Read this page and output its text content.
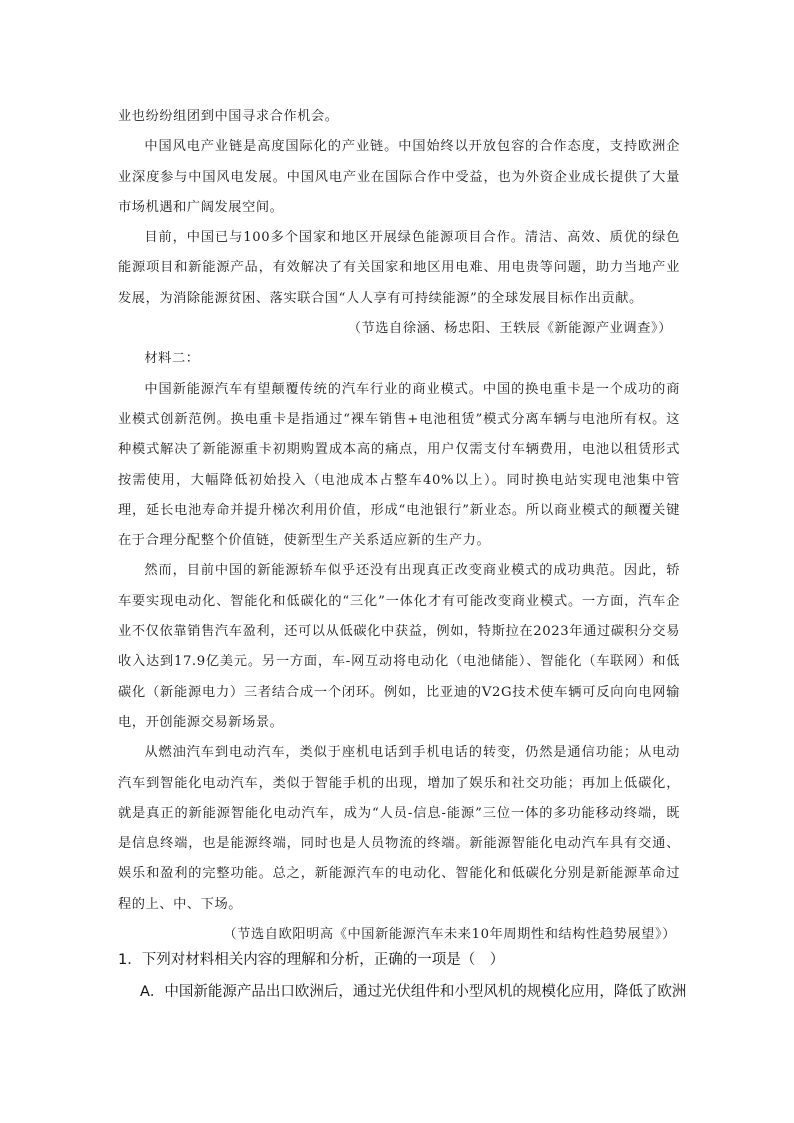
业也纷纷组团到中国寻求合作机会。

中国风电产业链是高度国际化的产业链。中国始终以开放包容的合作态度，支持欧洲企业深度参与中国风电发展。中国风电产业在国际合作中受益，也为外资企业成长提供了大量市场机遇和广阔发展空间。

目前，中国已与100多个国家和地区开展绿色能源项目合作。清洁、高效、质优的绿色能源项目和新能源产品，有效解决了有关国家和地区用电难、用电贵等问题，助力当地产业发展，为消除能源贫困、落实联合国“人人享有可持续能源”的全球发展目标作出贡献。

（节选自徐涵、杨忠阳、王轶辰《新能源产业调查》）

材料二：

中国新能源汽车有望颠覆传统的汽车行业的商业模式。中国的换电重卡是一个成功的商业模式创新范例。换电重卡是指通过“裸车销售+电池租赁”模式分离车辆与电池所有权。这种模式解决了新能源重卡初期购置成本高的痛点，用户仅需支付车辆费用，电池以租赁形式按需使用，大幅降低初始投入（电池成本占整车40%以上）。同时换电站实现电池集中管理，延长电池寿命并提升梯次利用价值，形成“电池银行”新业态。所以商业模式的颠覆关键在于合理分配整个价值链，使新型生产关系适应新的生产力。

然而，目前中国的新能源轿车似乎还没有出现真正改变商业模式的成功典范。因此，轿车要实现电动化、智能化和低碳化的“三化”一体化才有可能改变商业模式。一方面，汽车企业不仅依靠销售汽车盈利，还可以从低碳化中获益，例如，特斯拉在2023年通过碳积分交易收入达到17.9亿美元。另一方面，车-网互动将电动化（电池储能）、智能化（车联网）和低碳化（新能源电力）三者结合成一个闭环。例如，比亚迪的V2G技术使车辆可反向向电网输电，开创能源交易新场景。

从燃油汽车到电动汽车，类似于座机电话到手机电话的转变，仍然是通信功能；从电动汽车到智能化电动汽车，类似于智能手机的出现，增加了娱乐和社交功能；再加上低碳化，就是真正的新能源智能化电动汽车，成为“人员-信息-能源”三位一体的多功能移动终端，既是信息终端，也是能源终端，同时也是人员物流的终端。新能源智能化电动汽车具有交通、娱乐和盈利的完整功能。总之，新能源汽车的电动化、智能化和低碳化分别是新能源革命过程的上、中、下场。

（节选自欧阳明高《中国新能源汽车未来10年周期性和结构性趋势展望》）

1．下列对材料相关内容的理解和分析，正确的一项是（　）

A．中国新能源产品出口欧洲后，通过光伏组件和小型风机的规模化应用，降低了欧洲
